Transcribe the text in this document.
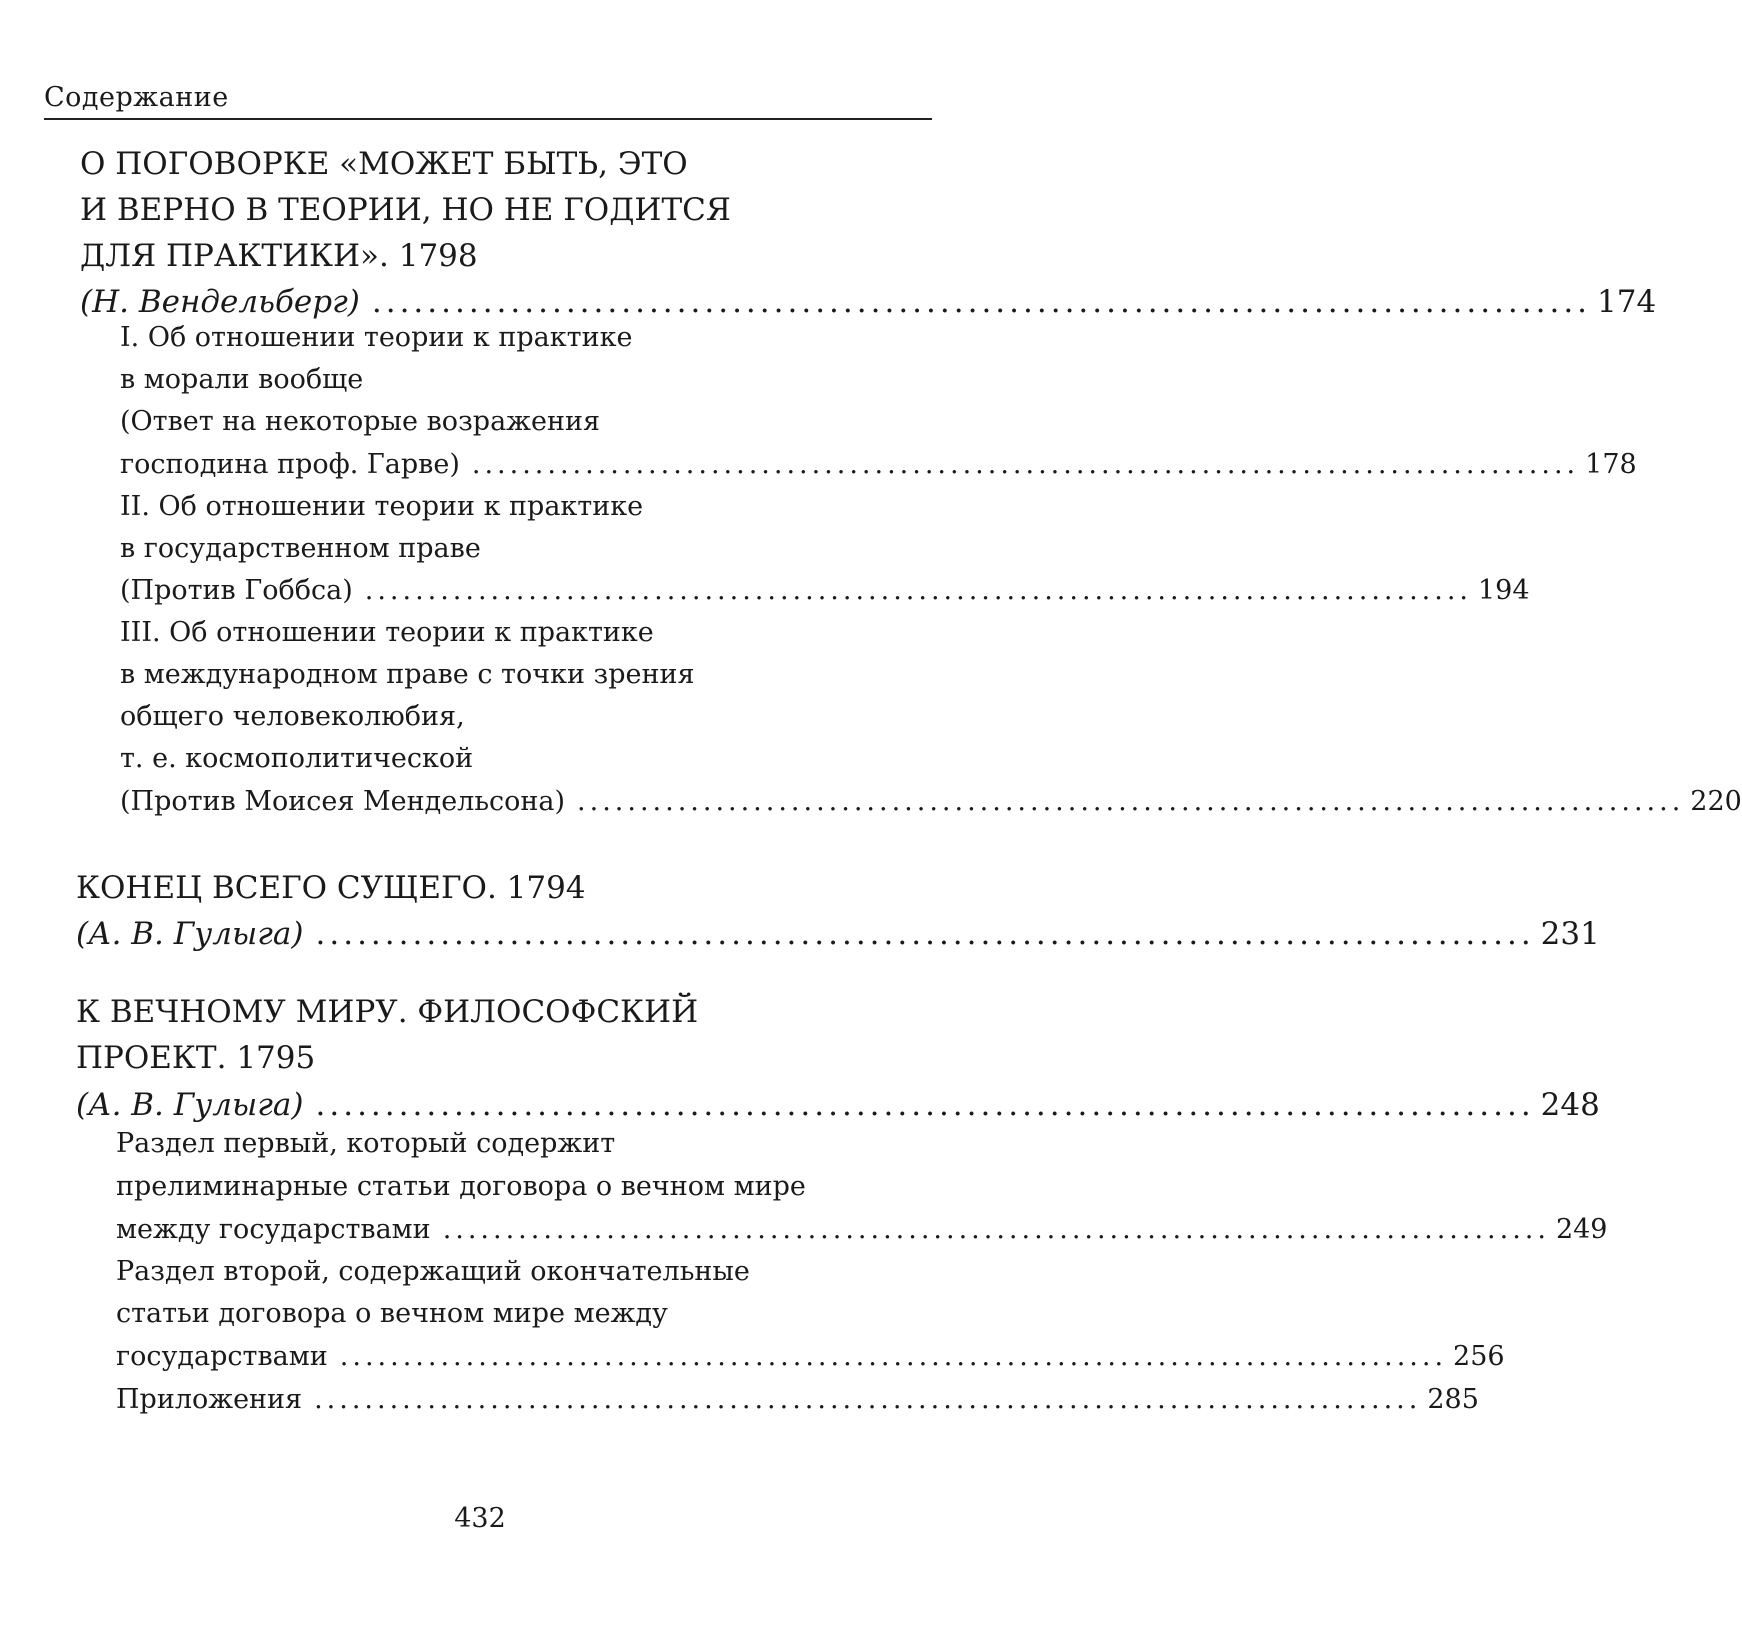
Содержание
О ПОГОВОРКЕ «МОЖЕТ БЫТЬ, ЭТО
И ВЕРНО В ТЕОРИИ, НО НЕ ГОДИТСЯ
ДЛЯ ПРАКТИКИ». 1798
(Н. Вендельберг) ........................................................................................ 174
I. Об отношении теории к практике
в морали вообще
(Ответ на некоторые возражения
господина проф. Гарве) ........................................................................................ 178
II. Об отношении теории к практике
в государственном праве
(Против Гоббса) ........................................................................................ 194
III. Об отношении теории к практике
в международном праве с точки зрения
общего человеколюбия,
т. е. космополитической
(Против Моисея Мендельсона) ........................................................................................ 220
КОНЕЦ ВСЕГО СУЩЕГО. 1794
(А. В. Гулыга) ........................................................................................ 231
К ВЕЧНОМУ МИРУ. ФИЛОСОФСКИЙ
ПРОЕКТ. 1795
(А. В. Гулыга) ........................................................................................ 248
Раздел первый, который содержит
прелиминарные статьи договора о вечном мире
между государствами ........................................................................................ 249
Раздел второй, содержащий окончательные
статьи договора о вечном мире между
государствами ........................................................................................ 256
Приложения ........................................................................................ 285
432
